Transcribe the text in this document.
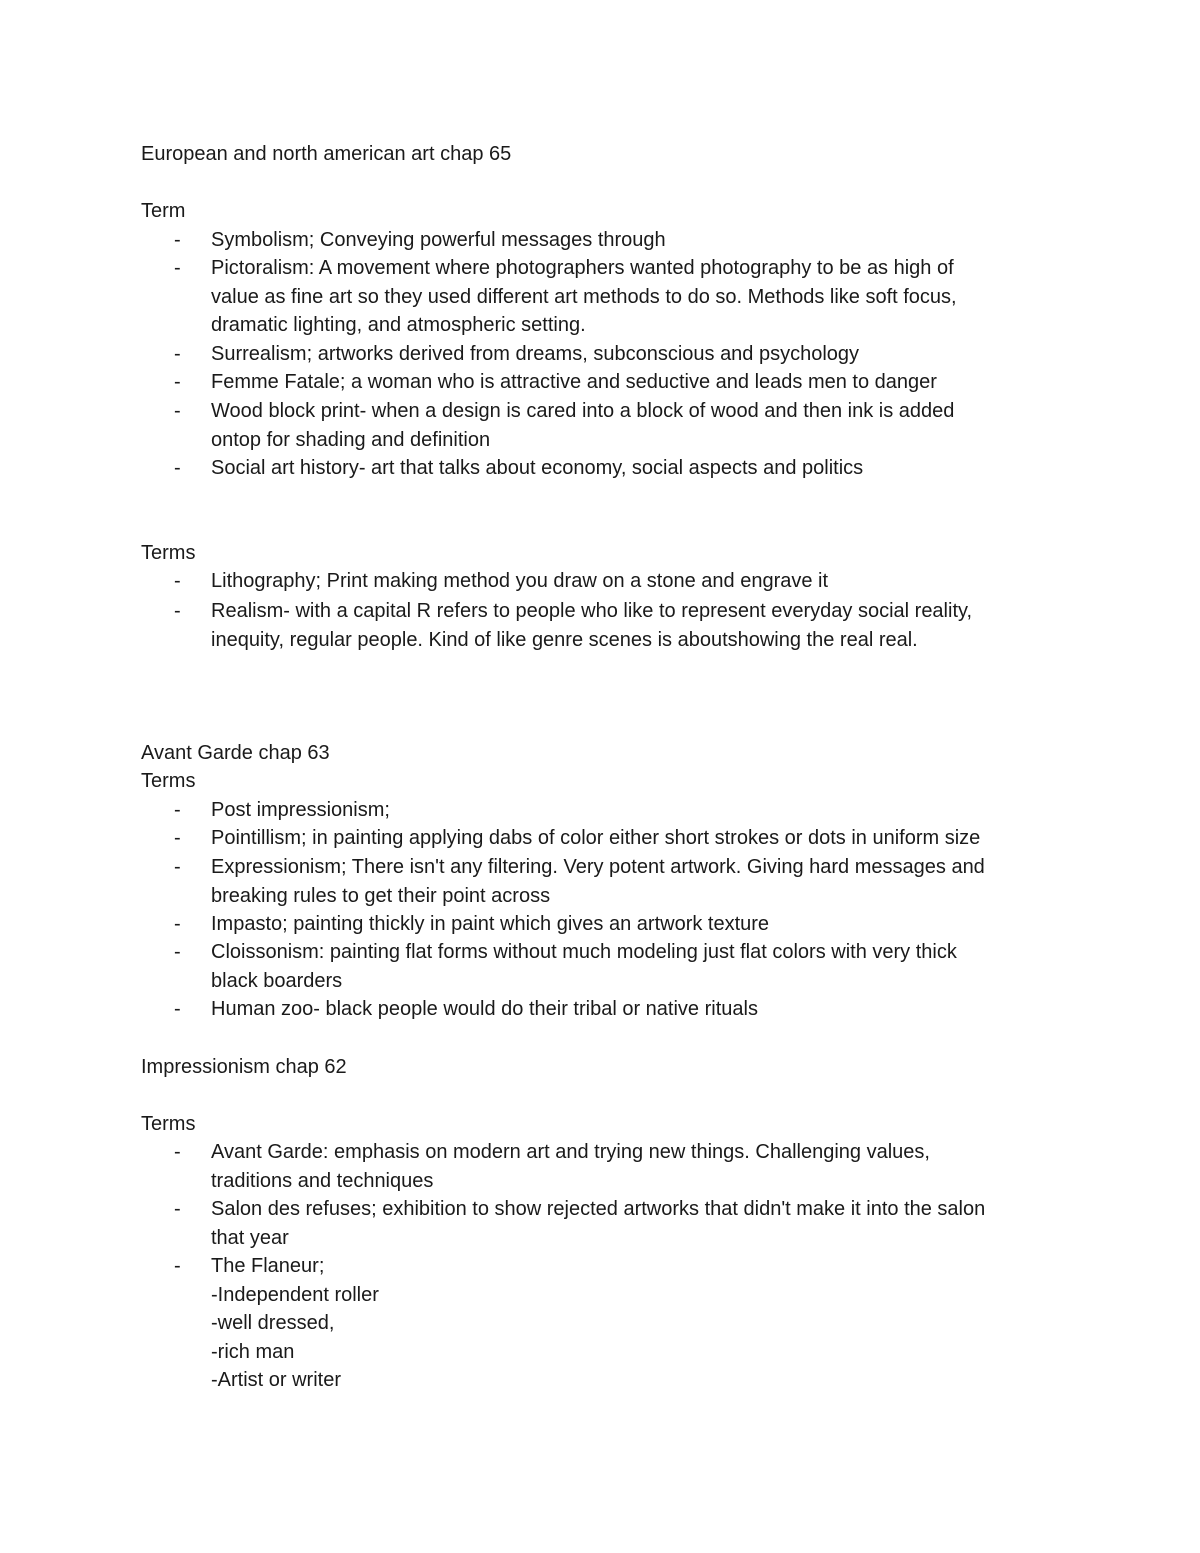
European and north american art chap 65
Term
- Symbolism; Conveying powerful messages through
- Pictoralism: A movement where photographers wanted photography to be as high of
value as fine art so they used different art methods to do so. Methods like soft focus,
dramatic lighting, and atmospheric setting.
- Surrealism; artworks derived from dreams, subconscious and psychology
- Femme Fatale; a woman who is attractive and seductive and leads men to danger
- Wood block print- when a design is cared into a block of wood and then ink is added
ontop for shading and definition
- Social art history- art that talks about economy, social aspects and politics
Terms
- Lithography; Print making method you draw on a stone and engrave it
- Realism- with a capital R refers to people who like to represent everyday social reality,
inequity, regular people. Kind of like genre scenes is aboutshowing the real real.
Avant Garde chap 63
Terms
- Post impressionism;
- Pointillism; in painting applying dabs of color either short strokes or dots in uniform size
- Expressionism; There isn't any filtering. Very potent artwork. Giving hard messages and
breaking rules to get their point across
- Impasto; painting thickly in paint which gives an artwork texture
- Cloissonism: painting flat forms without much modeling just flat colors with very thick
black boarders
- Human zoo- black people would do their tribal or native rituals
Impressionism chap 62
Terms
- Avant Garde: emphasis on modern art and trying new things. Challenging values,
traditions and techniques
- Salon des refuses; exhibition to show rejected artworks that didn't make it into the salon
that year
- The Flaneur;
-Independent roller
-well dressed,
-rich man
-Artist or writer
